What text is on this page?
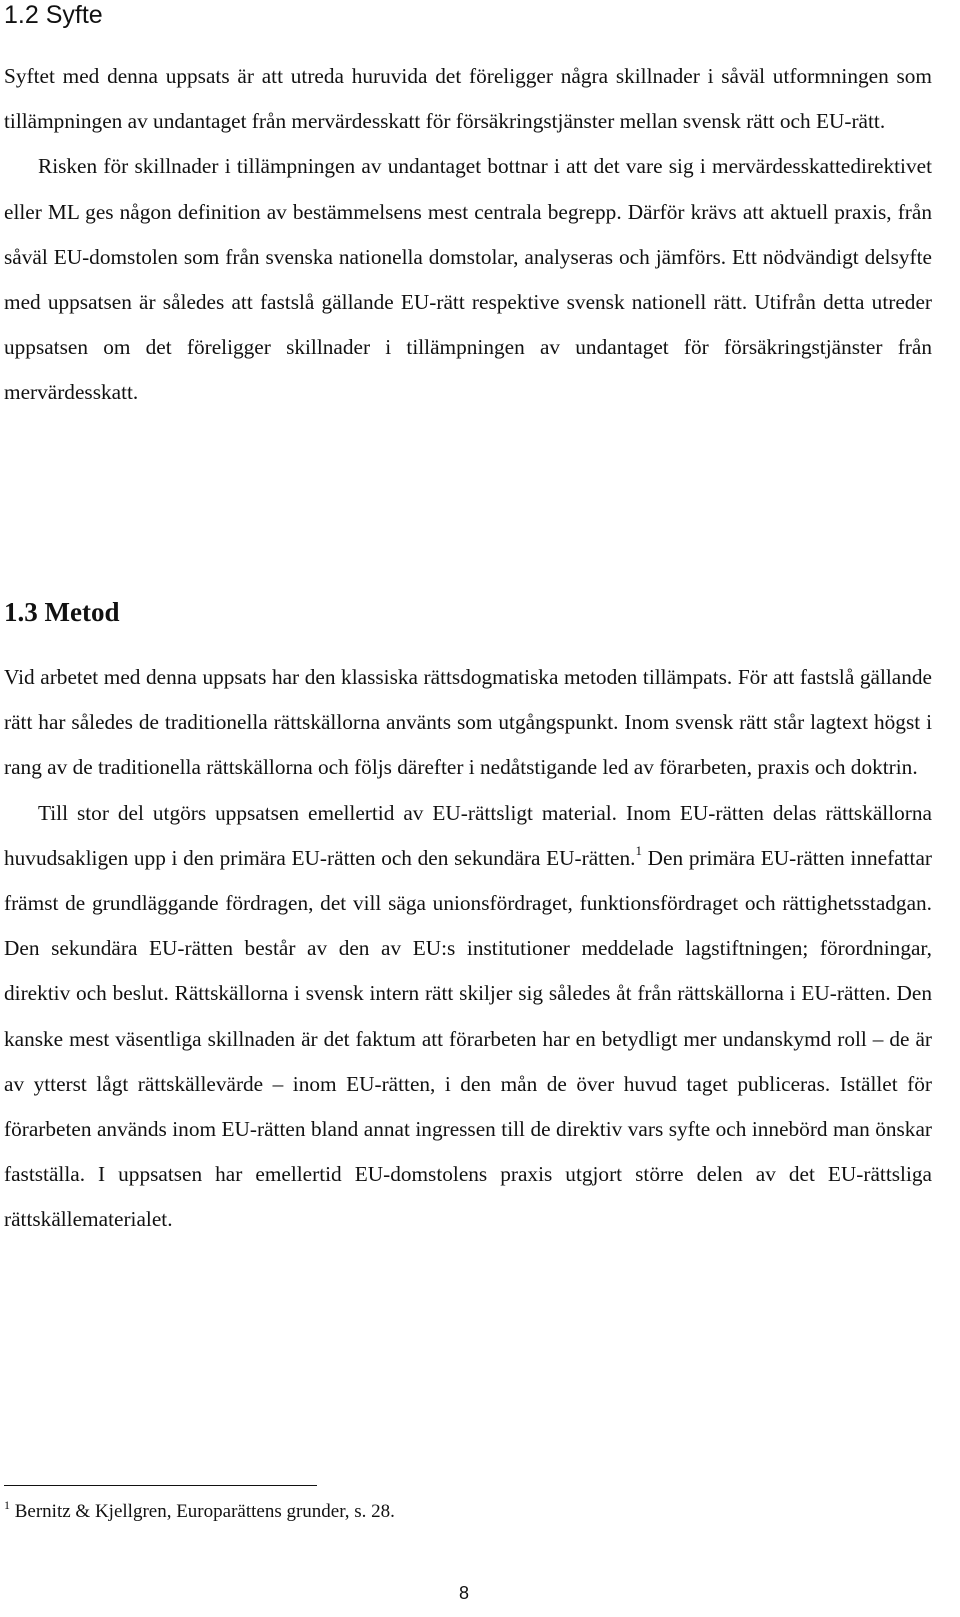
1.2 Syfte

Syftet med denna uppsats är att utreda huruvida det föreligger några skillnader i såväl utformningen som tillämpningen av undantaget från mervärdesskatt för försäkringstjänster mellan svensk rätt och EU-rätt.

Risken för skillnader i tillämpningen av undantaget bottnar i att det vare sig i mervärdesskattedirektivet eller ML ges någon definition av bestämmelsens mest centrala begrepp. Därför krävs att aktuell praxis, från såväl EU-domstolen som från svenska nationella domstolar, analyseras och jämförs. Ett nödvändigt delsyfte med uppsatsen är således att fastslå gällande EU-rätt respektive svensk nationell rätt. Utifrån detta utreder uppsatsen om det föreligger skillnader i tillämpningen av undantaget för försäkringstjänster från mervärdesskatt.

1.3 Metod

Vid arbetet med denna uppsats har den klassiska rättsdogmatiska metoden tillämpats. För att fastslå gällande rätt har således de traditionella rättskällorna använts som utgångspunkt. Inom svensk rätt står lagtext högst i rang av de traditionella rättskällorna och följs därefter i nedåtstigande led av förarbeten, praxis och doktrin.

Till stor del utgörs uppsatsen emellertid av EU-rättsligt material. Inom EU-rätten delas rättskällorna huvudsakligen upp i den primära EU-rätten och den sekundära EU-rätten.$^1$ Den primära EU-rätten innefattar främst de grundläggande fördragen, det vill säga unionsfördraget, funktionsfördraget och rättighetsstadgan. Den sekundära EU-rätten består av den av EU:s institutioner meddelade lagstiftningen; förordningar, direktiv och beslut. Rättskällorna i svensk intern rätt skiljer sig således åt från rättskällorna i EU-rätten. Den kanske mest väsentliga skillnaden är det faktum att förarbeten har en betydligt mer undanskymd roll – de är av ytterst lågt rättskällevärde – inom EU-rätten, i den mån de över huvud taget publiceras. Istället för förarbeten används inom EU-rätten bland annat ingressen till de direktiv vars syfte och innebörd man önskar fastställa. I uppsatsen har emellertid EU-domstolens praxis utgjort större delen av det EU-rättsliga rättskällematerialet.

$^1$ Bernitz & Kjellgren, Europarättens grunder, s. 28.
8
